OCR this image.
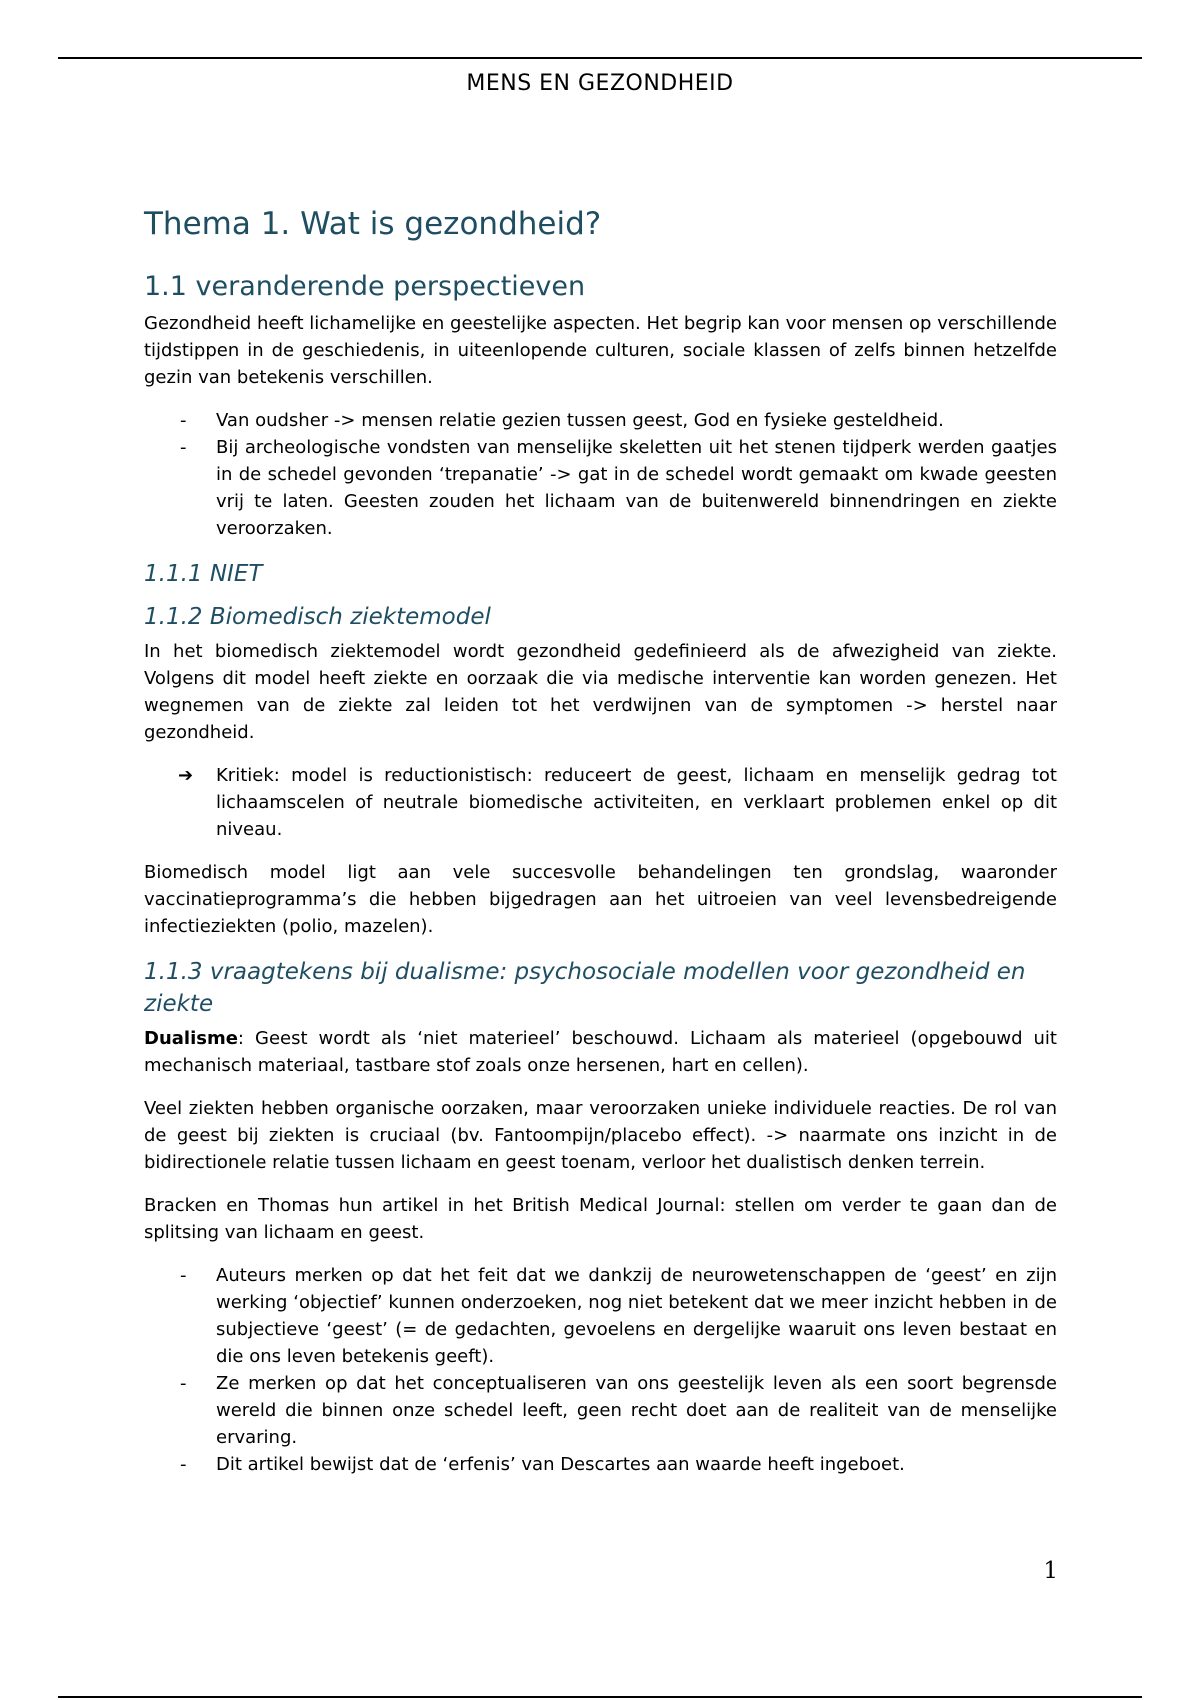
MENS EN GEZONDHEID
Thema 1. Wat is gezondheid?
1.1 veranderende perspectieven

Gezondheid heeft lichamelijke en geestelijke aspecten. Het begrip kan voor mensen op verschillende tijdstippen in de geschiedenis, in uiteenlopende culturen, sociale klassen of zelfs binnen hetzelfde gezin van betekenis verschillen.

- Van oudsher -> mensen relatie gezien tussen geest, God en fysieke gesteldheid.
- Bij archeologische vondsten van menselijke skeletten uit het stenen tijdperk werden gaatjes in de schedel gevonden ‘trepanatie’ -> gat in de schedel wordt gemaakt om kwade geesten vrij te laten. Geesten zouden het lichaam van de buitenwereld binnendringen en ziekte veroorzaken.
1.1.1 NIET
1.1.2 Biomedisch ziektemodel

In het biomedisch ziektemodel wordt gezondheid gedefinieerd als de afwezigheid van ziekte. Volgens dit model heeft ziekte en oorzaak die via medische interventie kan worden genezen. Het wegnemen van de ziekte zal leiden tot het verdwijnen van de symptomen -> herstel naar gezondheid.

➔ Kritiek: model is reductionistisch: reduceert de geest, lichaam en menselijk gedrag tot lichaamscelen of neutrale biomedische activiteiten, en verklaart problemen enkel op dit niveau.

Biomedisch model ligt aan vele succesvolle behandelingen ten grondslag, waaronder vaccinatieprogramma’s die hebben bijgedragen aan het uitroeien van veel levensbedreigende infectieziekten (polio, mazelen).

1.1.3 vraagtekens bij dualisme: psychosociale modellen voor gezondheid en ziekte

Dualisme: Geest wordt als ‘niet materieel’ beschouwd. Lichaam als materieel (opgebouwd uit mechanisch materiaal, tastbare stof zoals onze hersenen, hart en cellen).

Veel ziekten hebben organische oorzaken, maar veroorzaken unieke individuele reacties. De rol van de geest bij ziekten is cruciaal (bv. Fantoompijn/placebo effect). -> naarmate ons inzicht in de bidirectionele relatie tussen lichaam en geest toenam, verloor het dualistisch denken terrein.

Bracken en Thomas hun artikel in het British Medical Journal: stellen om verder te gaan dan de splitsing van lichaam en geest.

- Auteurs merken op dat het feit dat we dankzij de neurowetenschappen de ‘geest’ en zijn werking ‘objectief’ kunnen onderzoeken, nog niet betekent dat we meer inzicht hebben in de subjectieve ‘geest’ (= de gedachten, gevoelens en dergelijke waaruit ons leven bestaat en die ons leven betekenis geeft).
- Ze merken op dat het conceptualiseren van ons geestelijk leven als een soort begrensde wereld die binnen onze schedel leeft, geen recht doet aan de realiteit van de menselijke ervaring.
- Dit artikel bewijst dat de ‘erfenis’ van Descartes aan waarde heeft ingeboet.
1
